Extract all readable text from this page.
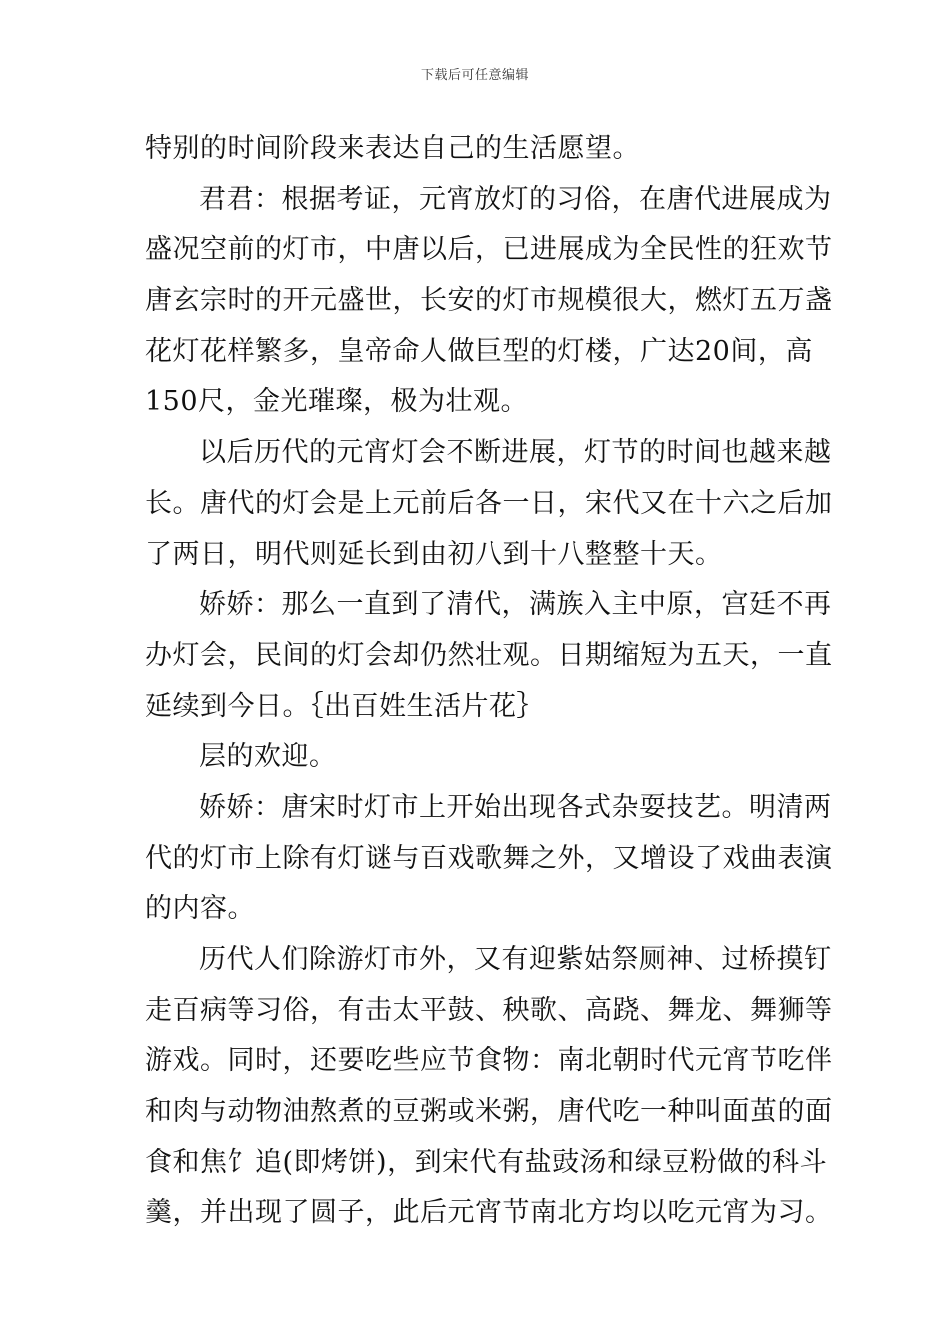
下载后可任意编辑
特别的时间阶段来表达自己的生活愿望。
君君：根据考证，元宵放灯的习俗，在唐代进展成为
盛况空前的灯市，中唐以后，已进展成为全民性的狂欢节
唐玄宗时的开元盛世，长安的灯市规模很大，燃灯五万盏
花灯花样繁多，皇帝命人做巨型的灯楼，广达20间，高
150尺，金光璀璨，极为壮观。
以后历代的元宵灯会不断进展，灯节的时间也越来越
长。唐代的灯会是上元前后各一日，宋代又在十六之后加
了两日，明代则延长到由初八到十八整整十天。
娇娇：那么一直到了清代，满族入主中原，宫廷不再
办灯会，民间的灯会却仍然壮观。日期缩短为五天，一直
延续到今日。｛出百姓生活片花｝
层的欢迎。
娇娇：唐宋时灯市上开始出现各式杂耍技艺。明清两
代的灯市上除有灯谜与百戏歌舞之外，又增设了戏曲表演
的内容。
历代人们除游灯市外，又有迎紫姑祭厕神、过桥摸钉
走百病等习俗，有击太平鼓、秧歌、高跷、舞龙、舞狮等
游戏。同时，还要吃些应节食物：南北朝时代元宵节吃伴
和肉与动物油熬煮的豆粥或米粥，唐代吃一种叫面茧的面
食和焦饣追(即烤饼)，到宋代有盐豉汤和绿豆粉做的科斗
羹，并出现了圆子，此后元宵节南北方均以吃元宵为习。
